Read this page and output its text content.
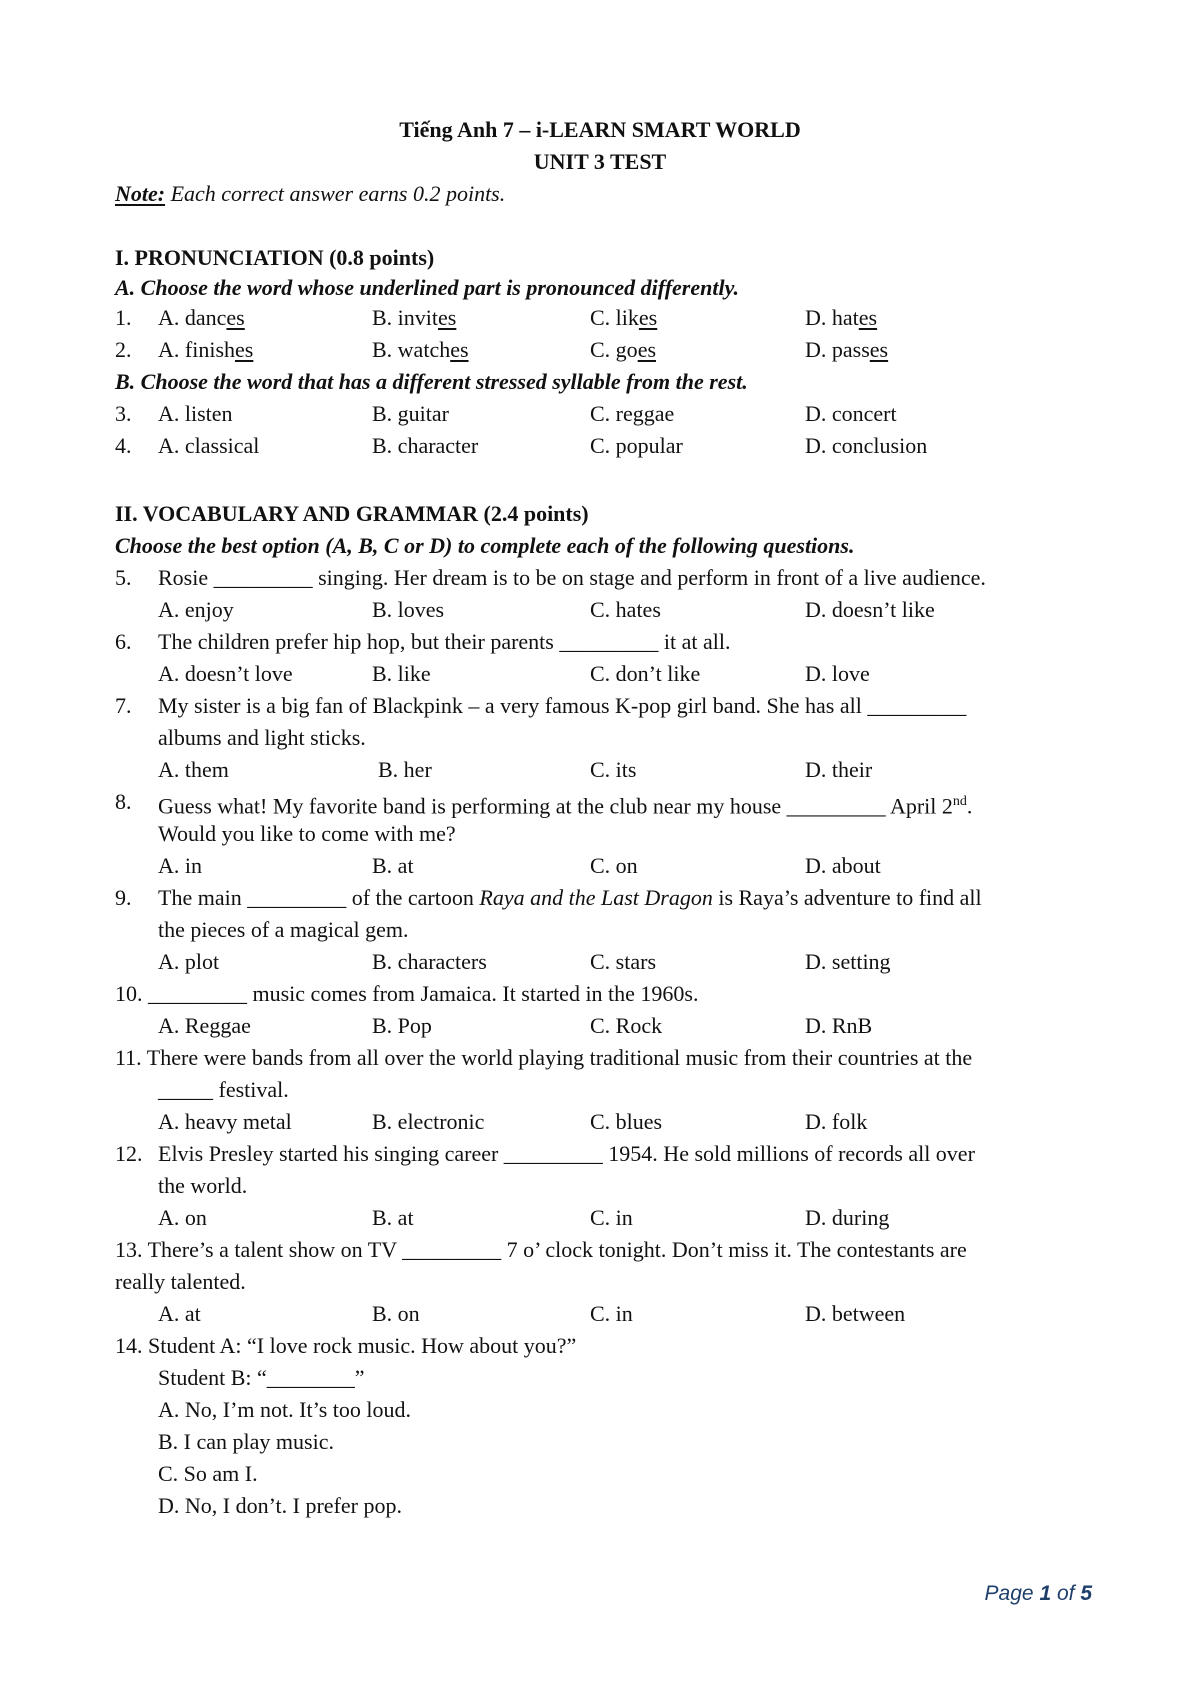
Tiếng Anh 7 – i-LEARN SMART WORLD
UNIT 3 TEST
Note: Each correct answer earns 0.2 points.
I. PRONUNCIATION (0.8 points)
A. Choose the word whose underlined part is pronounced differently.
1. A. dances	B. invites	C. likes	D. hates
2. A. finishes	B. watches	C. goes	D. passes
B. Choose the word that has a different stressed syllable from the rest.
3. A. listen	B. guitar	C. reggae	D. concert
4. A. classical	B. character	C. popular	D. conclusion
II. VOCABULARY AND GRAMMAR (2.4 points)
Choose the best option (A, B, C or D) to complete each of the following questions.
5. Rosie _________ singing. Her dream is to be on stage and perform in front of a live audience.
A. enjoy	B. loves	C. hates	D. doesn’t like
6. The children prefer hip hop, but their parents _________ it at all.
A. doesn’t love	B. like	C. don’t like	D. love
7. My sister is a big fan of Blackpink – a very famous K-pop girl band. She has all _________
albums and light sticks.
A. them	B. her	C. its	D. their
8. Guess what! My favorite band is performing at the club near my house _________ April 2nd.
Would you like to come with me?
A. in	B. at	C. on	D. about
9. The main _________ of the cartoon Raya and the Last Dragon is Raya’s adventure to find all
the pieces of a magical gem.
A. plot	B. characters	C. stars	D. setting
10. _________ music comes from Jamaica. It started in the 1960s.
A. Reggae	B. Pop	C. Rock	D. RnB
11. There were bands from all over the world playing traditional music from their countries at the
_____ festival.
A. heavy metal	B. electronic	C. blues	D. folk
12. Elvis Presley started his singing career _________ 1954. He sold millions of records all over
the world.
A. on	B. at	C. in	D. during
13. There’s a talent show on TV _________ 7 o’ clock tonight. Don’t miss it. The contestants are
really talented.
A. at	B. on	C. in	D. between
14. Student A: “I love rock music. How about you?”
Student B: “________”
A. No, I’m not. It’s too loud.
B. I can play music.
C. So am I.
D. No, I don’t. I prefer pop.
Page 1 of 5
